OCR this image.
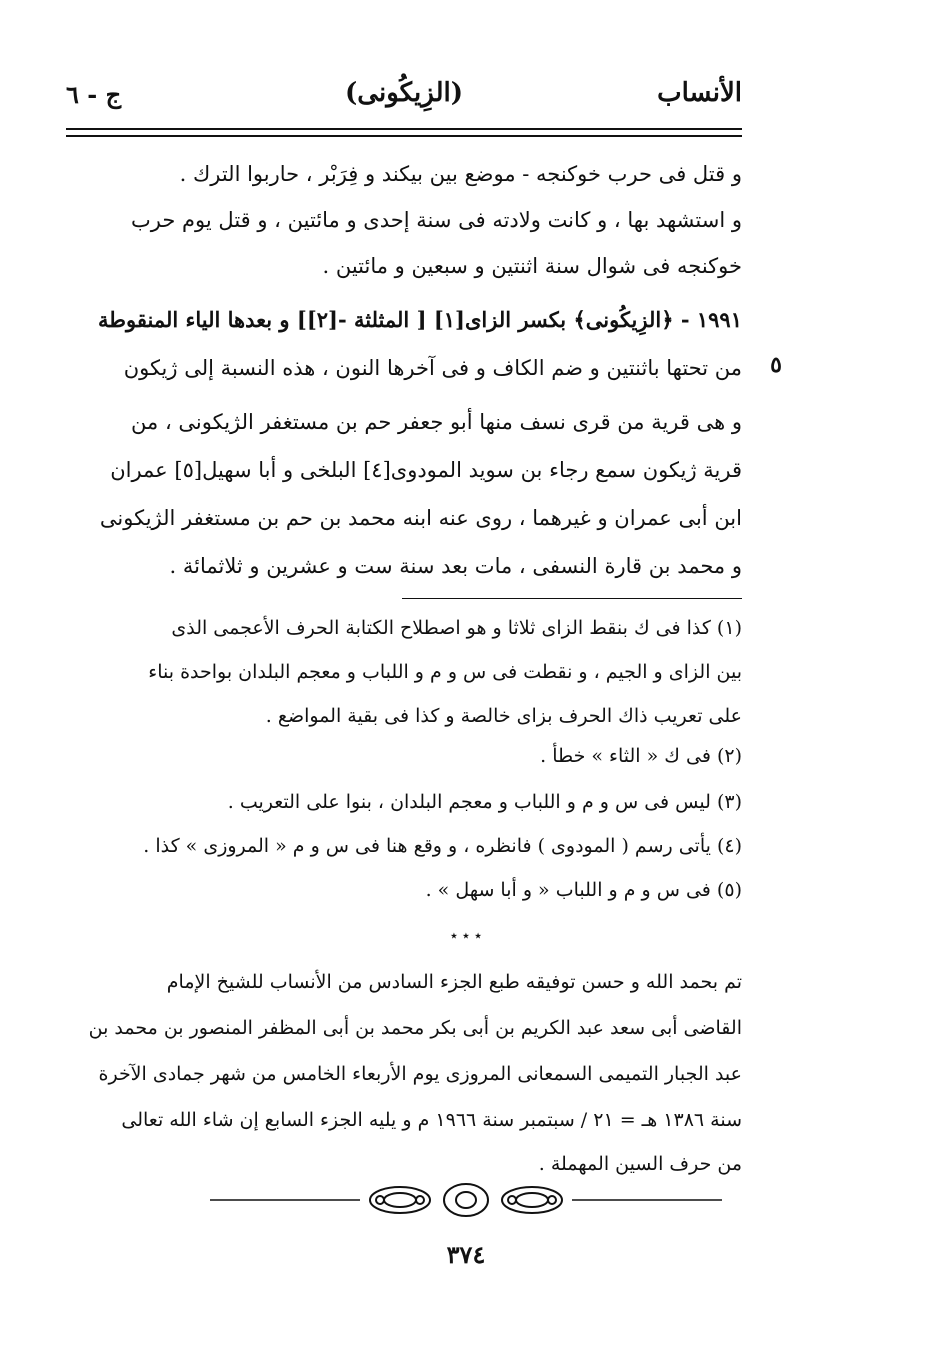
الأنساب
(الزِيكُونى)
ج - ٦
و قتل فى حرب خوكنجه - موضع بين بيكند و فِرَبْر ، حاربوا الترك .
و استشهد بها ، و كانت ولادته فى سنة إحدى و مائتين ، و قتل يوم حرب
خوكنجه فى شوال سنة اثنتين و سبعين و مائتين .
١٩٩١ - ﴿الزِيكُونى﴾ بكسر الزاى[١] [ المثلثة -[٢]] و بعدها الياء المنقوطة
من تحتها باثنتين و ضم الكاف و فى آخرها النون ، هذه النسبة إلى ژيكون ٥
و هى قرية من قرى نسف منها أبو جعفر حم بن مستغفر الژيكونى ، من
قرية ژيكون سمع رجاء بن سويد المودوى[٤] البلخى و أبا سهيل[٥] عمران
ابن أبى عمران و غيرهما ، روى عنه ابنه محمد بن حم بن مستغفر الژيكونى
و محمد بن قارة النسفى ، مات بعد سنة ست و عشرين و ثلاثمائة .
(١) كذا فى ك بنقط الزاى ثلاثا و هو اصطلاح الكتابة الحرف الأعجمى الذى
بين الزاى و الجيم ، و نقطت فى س و م و اللباب و معجم البلدان بواحدة بناء
على تعريب ذاك الحرف بزاى خالصة و كذا فى بقية المواضع .
(٢) فى ك « الثاء » خطأ .
(٣) ليس فى س و م و اللباب و معجم البلدان ، بنوا على التعريب .
(٤) يأتى رسم ( المودوى ) فانظره ، و وقع هنا فى س و م « المروزى » كذا .
(٥) فى س و م و اللباب « و أبا سهل » .
٭ ٭ ٭
تم بحمد الله و حسن توفيقه طبع الجزء السادس من الأنساب للشيخ الإمام
القاضى أبى سعد عبد الكريم بن أبى بكر محمد بن أبى المظفر المنصور بن محمد بن
عبد الجبار التميمى السمعانى المروزى يوم الأربعاء الخامس من شهر جمادى الآخرة
سنة ١٣٨٦ هـ = ٢١ / سبتمبر سنة ١٩٦٦ م و يليه الجزء السابع إن شاء الله تعالى
من حرف السين المهملة .
٣٧٤
